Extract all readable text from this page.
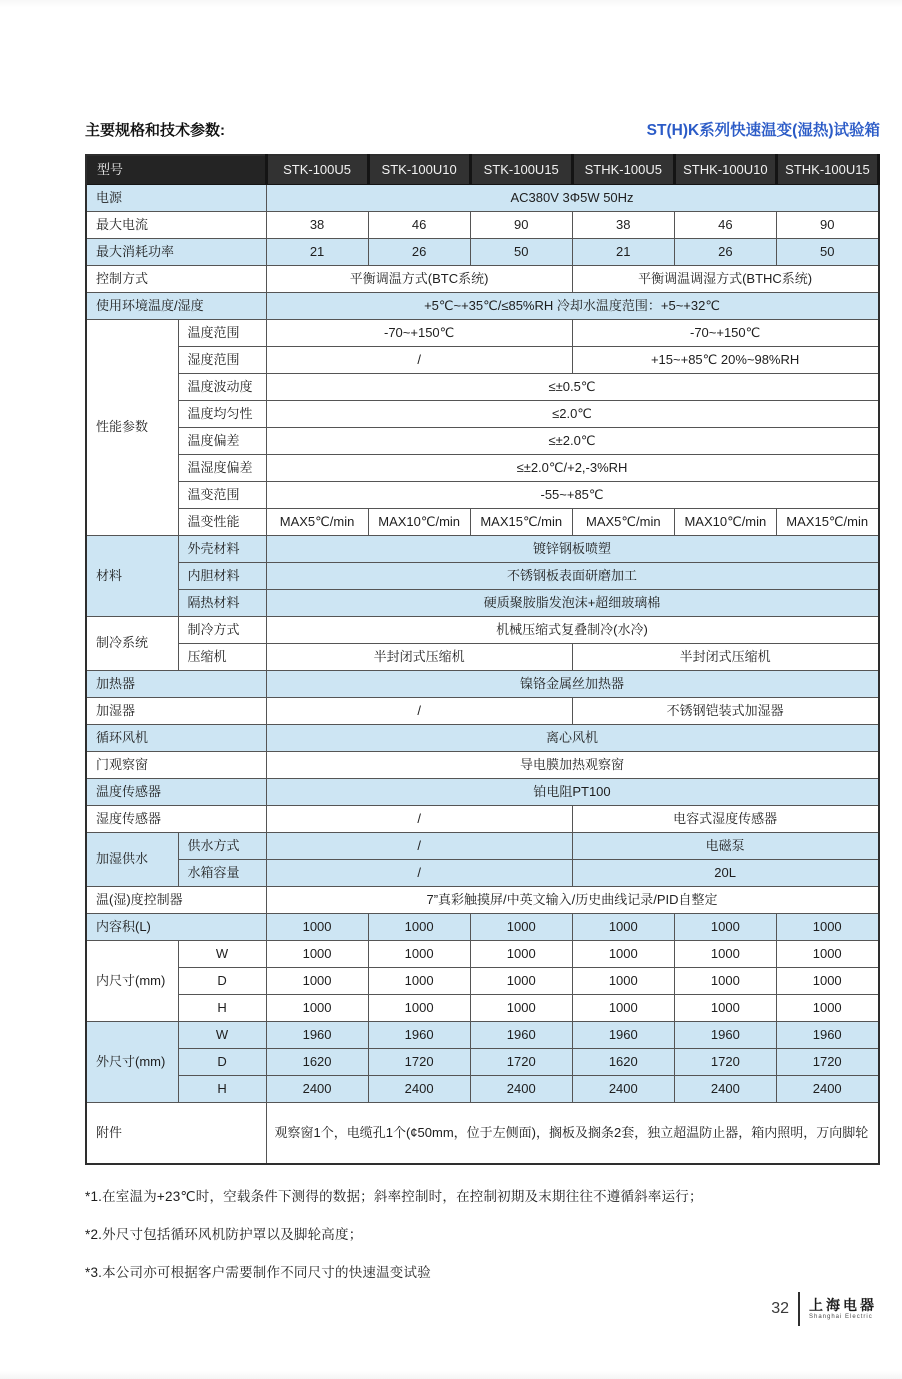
主要规格和技术参数:	ST(H)K系列快速温变(湿热)试验箱
型号		STK-100U5	STK-100U10	STK-100U15	STHK-100U5	STHK-100U10	STHK-100U15
电源		AC380V 3Φ5W 50Hz					
最大电流		38	46	90	38	46	90
最大消耗功率		21	26	50	21	26	50
控制方式		平衡调温方式(BTC系统)			平衡调温调湿方式(BTHC系统)		
使用环境温度/湿度		+5℃~+35℃/≤85%RH 冷却水温度范围：+5~+32℃					
性能参数	温度范围	-70~+150℃			-70~+150℃		
	湿度范围	/			+15~+85℃ 20%~98%RH		
	温度波动度	≤±0.5℃					
	温度均匀性	≤2.0℃					
	温度偏差	≤±2.0℃					
	温湿度偏差	≤±2.0℃/+2,-3%RH					
	温变范围	-55~+85℃					
	温变性能	MAX5℃/min	MAX10℃/min	MAX15℃/min	MAX5℃/min	MAX10℃/min	MAX15℃/min
材料	外壳材料	镀锌钢板喷塑					
	内胆材料	不锈钢板表面研磨加工					
	隔热材料	硬质聚胺脂发泡沫+超细玻璃棉					
制冷系统	制冷方式	机械压缩式复叠制冷(水冷)					
	压缩机	半封闭式压缩机			半封闭式压缩机		
加热器		镍铬金属丝加热器					
加湿器		/			不锈钢铠装式加湿器		
循环风机		离心风机					
门观察窗		导电膜加热观察窗					
温度传感器		铂电阻PT100					
湿度传感器		/			电容式湿度传感器		
加湿供水	供水方式	/			电磁泵		
	水箱容量	/			20L		
温(湿)度控制器		7”真彩触摸屏/中英文输入/历史曲线记录/PID自整定					
内容积(L)		1000	1000	1000	1000	1000	1000
内尺寸(mm)	W	1000	1000	1000	1000	1000	1000
	D	1000	1000	1000	1000	1000	1000
	H	1000	1000	1000	1000	1000	1000
外尺寸(mm)	W	1960	1960	1960	1960	1960	1960
	D	1620	1720	1720	1620	1720	1720
	H	2400	2400	2400	2400	2400	2400
附件		观察窗1个，电缆孔1个(¢50mm，位于左侧面)，搁板及搁条2套，独立超温防止器，箱内照明，万向脚轮					
*1.在室温为+23℃时，空载条件下测得的数据；斜率控制时，在控制初期及末期往往不遵循斜率运行；
*2.外尺寸包括循环风机防护罩以及脚轮高度；
*3.本公司亦可根据客户需要制作不同尺寸的快速温变试验
32 上海电器
Shanghai Electric
